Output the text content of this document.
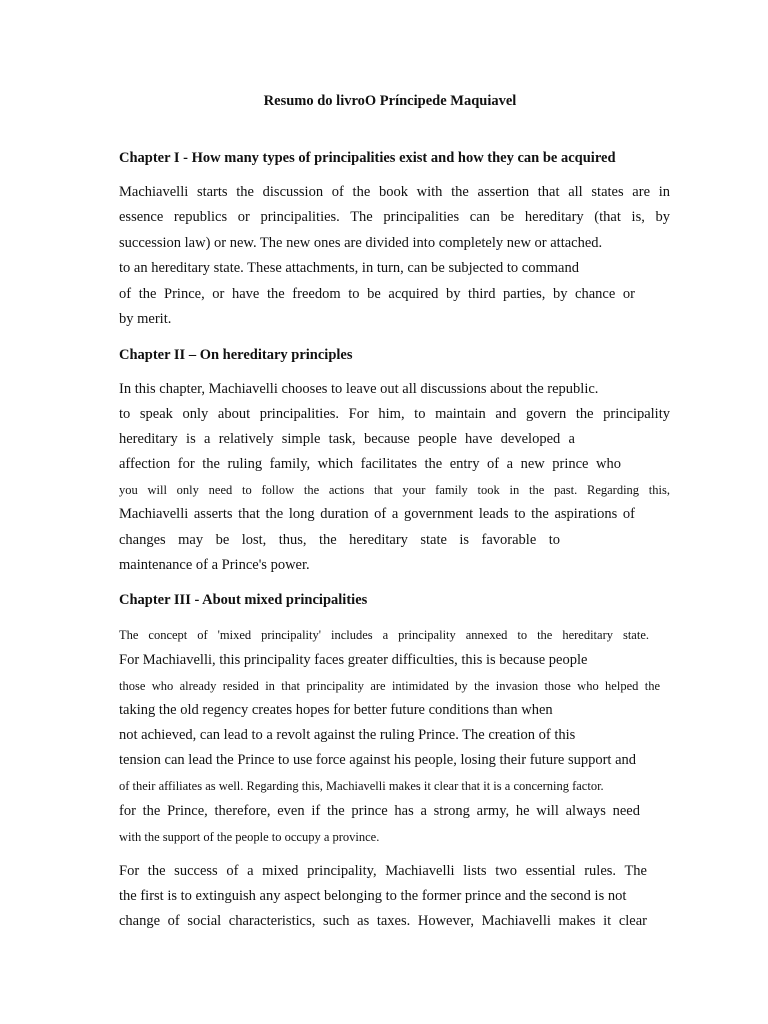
Resumo do livroO Príncipede Maquiavel
Chapter I - How many types of principalities exist and how they can be acquired
Machiavelli starts the discussion of the book with the assertion that all states are in
essence republics or principalities. The principalities can be hereditary (that is, by
succession law) or new. The new ones are divided into completely new or attached.
to an hereditary state. These attachments, in turn, can be subjected to command
of the Prince, or have the freedom to be acquired by third parties, by chance or
by merit.
Chapter II – On hereditary principles
In this chapter, Machiavelli chooses to leave out all discussions about the republic.
to speak only about principalities. For him, to maintain and govern the principality
hereditary is a relatively simple task, because people have developed a
affection for the ruling family, which facilitates the entry of a new prince who
you will only need to follow the actions that your family took in the past. Regarding this,
Machiavelli asserts that the long duration of a government leads to the aspirations of
changes may be lost, thus, the hereditary state is favorable to
maintenance of a Prince's power.
Chapter III - About mixed principalities
The concept of 'mixed principality' includes a principality annexed to the hereditary state.
For Machiavelli, this principality faces greater difficulties, this is because people
those who already resided in that principality are intimidated by the invasion those who helped the
taking the old regency creates hopes for better future conditions than when
not achieved, can lead to a revolt against the ruling Prince. The creation of this
tension can lead the Prince to use force against his people, losing their future support and
of their affiliates as well. Regarding this, Machiavelli makes it clear that it is a concerning factor.
for the Prince, therefore, even if the prince has a strong army, he will always need
with the support of the people to occupy a province.
For the success of a mixed principality, Machiavelli lists two essential rules. The
the first is to extinguish any aspect belonging to the former prince and the second is not
change of social characteristics, such as taxes. However, Machiavelli makes it clear
